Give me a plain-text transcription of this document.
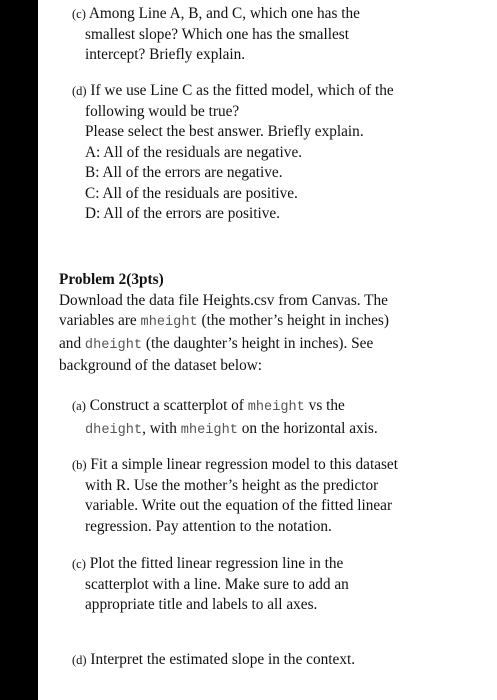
(c) Among Line A, B, and C, which one has the
smallest slope? Which one has the smallest
intercept? Briefly explain.
(d) If we use Line C as the fitted model, which of the
following would be true?
Please select the best answer. Briefly explain.
A: All of the residuals are negative.
B: All of the errors are negative.
C: All of the residuals are positive.
D: All of the errors are positive.
Problem 2(3pts)
Download the data file Heights.csv from Canvas. The
variables are mheight (the mother’s height in inches)
and dheight (the daughter’s height in inches). See
background of the dataset below:
(a) Construct a scatterplot of mheight vs the
dheight, with mheight on the horizontal axis.
(b) Fit a simple linear regression model to this dataset
with R. Use the mother’s height as the predictor
variable. Write out the equation of the fitted linear
regression. Pay attention to the notation.
(c) Plot the fitted linear regression line in the
scatterplot with a line. Make sure to add an
appropriate title and labels to all axes.
(d) Interpret the estimated slope in the context.
